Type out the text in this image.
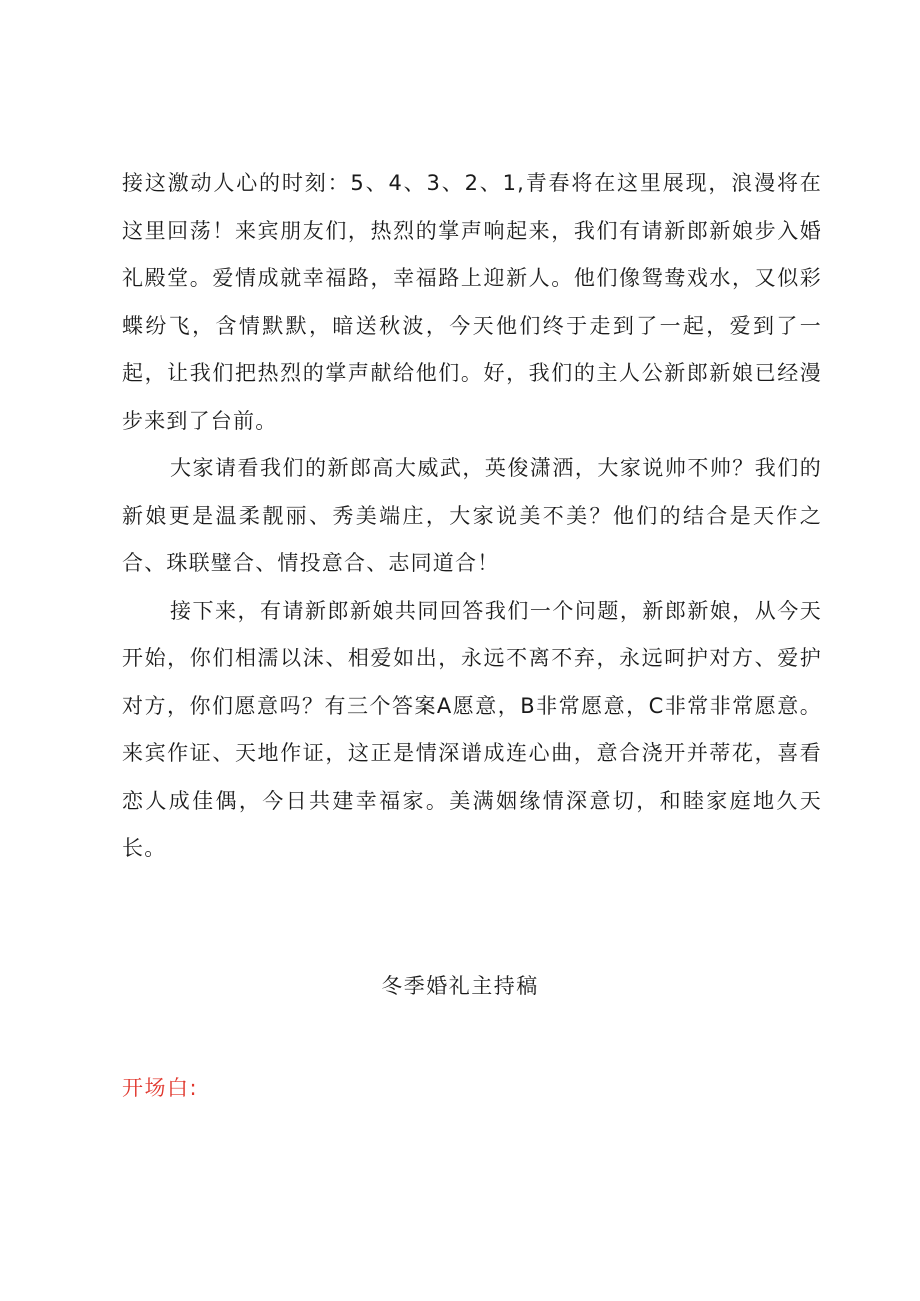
接这激动人心的时刻：5、4、3、2、1,青春将在这里展现，浪漫将在这里回荡！来宾朋友们，热烈的掌声响起来，我们有请新郎新娘步入婚礼殿堂。爱情成就幸福路，幸福路上迎新人。他们像鸳鸯戏水，又似彩蝶纷飞，含情默默，暗送秋波，今天他们终于走到了一起，爱到了一起，让我们把热烈的掌声献给他们。好，我们的主人公新郎新娘已经漫步来到了台前。

大家请看我们的新郎高大威武，英俊潇洒，大家说帅不帅？我们的新娘更是温柔靓丽、秀美端庄，大家说美不美？他们的结合是天作之合、珠联璧合、情投意合、志同道合！

接下来，有请新郎新娘共同回答我们一个问题，新郎新娘，从今天开始，你们相濡以沫、相爱如出，永远不离不弃，永远呵护对方、爱护对方，你们愿意吗？有三个答案A愿意，B非常愿意，C非常非常愿意。来宾作证、天地作证，这正是情深谱成连心曲，意合浇开并蒂花，喜看恋人成佳偶，今日共建幸福家。美满姻缘情深意切，和睦家庭地久天长。

冬季婚礼主持稿
开场白:
